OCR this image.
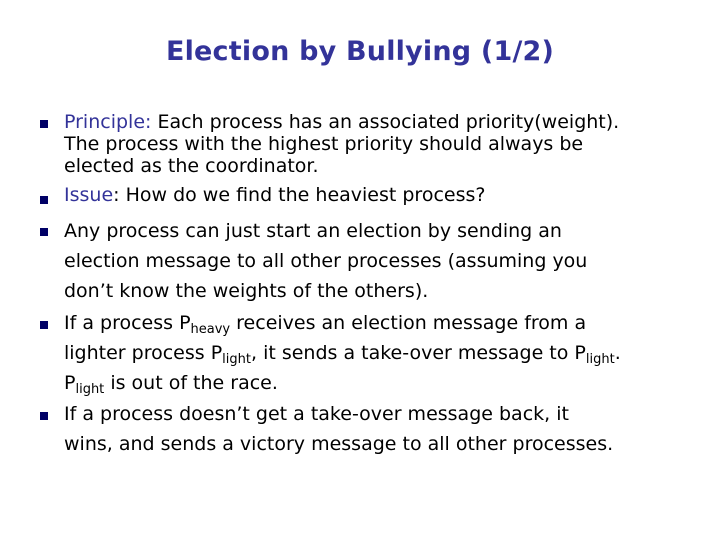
Election by Bullying (1/2)
Principle: Each process has an associated priority(weight).
The process with the highest priority should always be
elected as the coordinator.
Issue: How do we find the heaviest process?
Any process can just start an election by sending an
election message to all other processes (assuming you
don’t know the weights of the others).
If a process $P_{heavy}$ receives an election message from a
lighter process $P_{light}$, it sends a take-over message to $P_{light}$.
$P_{light}$ is out of the race.
If a process doesn’t get a take-over message back, it
wins, and sends a victory message to all other processes.
